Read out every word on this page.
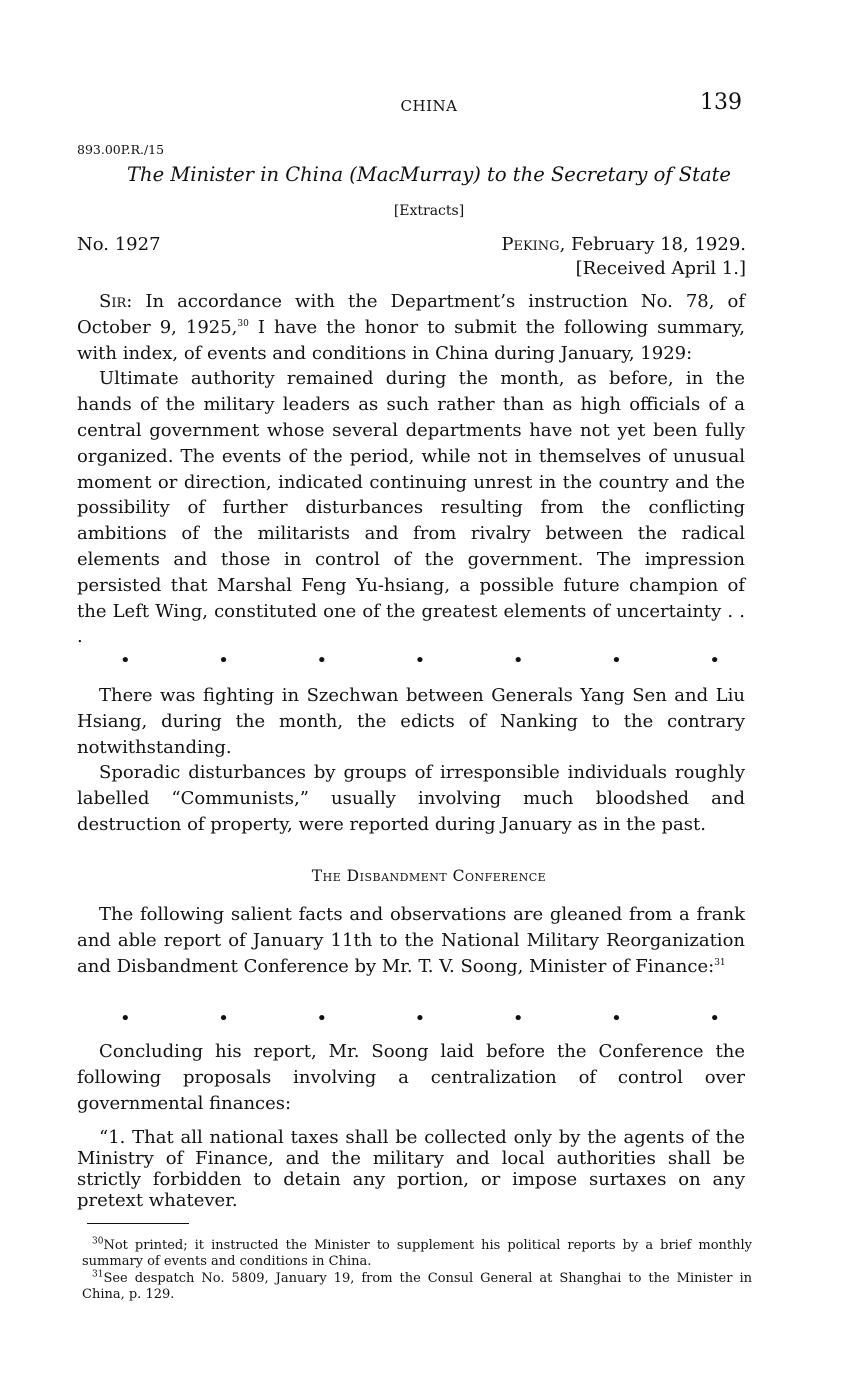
CHINA	139
893.00P.R./15
The Minister in China (MacMurray) to the Secretary of State
[Extracts]
No. 1927	Peking, February 18, 1929.
[Received April 1.]

Sir: In accordance with the Department’s instruction No. 78, of October 9, 1925,30 I have the honor to submit the following summary, with index, of events and conditions in China during January, 1929:

Ultimate authority remained during the month, as before, in the hands of the military leaders as such rather than as high officials of a central government whose several departments have not yet been fully organized. The events of the period, while not in themselves of unusual moment or direction, indicated continuing unrest in the country and the possibility of further disturbances resulting from the conflicting ambitions of the militarists and from rivalry between the radical elements and those in control of the government. The impression persisted that Marshal Feng Yu-hsiang, a possible future champion of the Left Wing, constituted one of the greatest elements of uncertainty . . .

•	•	•	•	•	•	•

There was fighting in Szechwan between Generals Yang Sen and Liu Hsiang, during the month, the edicts of Nanking to the contrary notwithstanding.

Sporadic disturbances by groups of irresponsible individuals roughly labelled “Communists,” usually involving much bloodshed and destruction of property, were reported during January as in the past.

The Disbandment Conference

The following salient facts and observations are gleaned from a frank and able report of January 11th to the National Military Reorganization and Disbandment Conference by Mr. T. V. Soong, Minister of Finance:$^{31}$

•	•	•	•	•	•	•

Concluding his report, Mr. Soong laid before the Conference the following proposals involving a centralization of control over governmental finances:

“1. That all national taxes shall be collected only by the agents of the Ministry of Finance, and the military and local authorities shall be strictly forbidden to detain any portion, or impose surtaxes on any pretext whatever.

$^{30}$Not printed; it instructed the Minister to supplement his political reports by a brief monthly summary of events and conditions in China.

$^{31}$See despatch No. 5809, January 19, from the Consul General at Shanghai to the Minister in China, p. 129.
